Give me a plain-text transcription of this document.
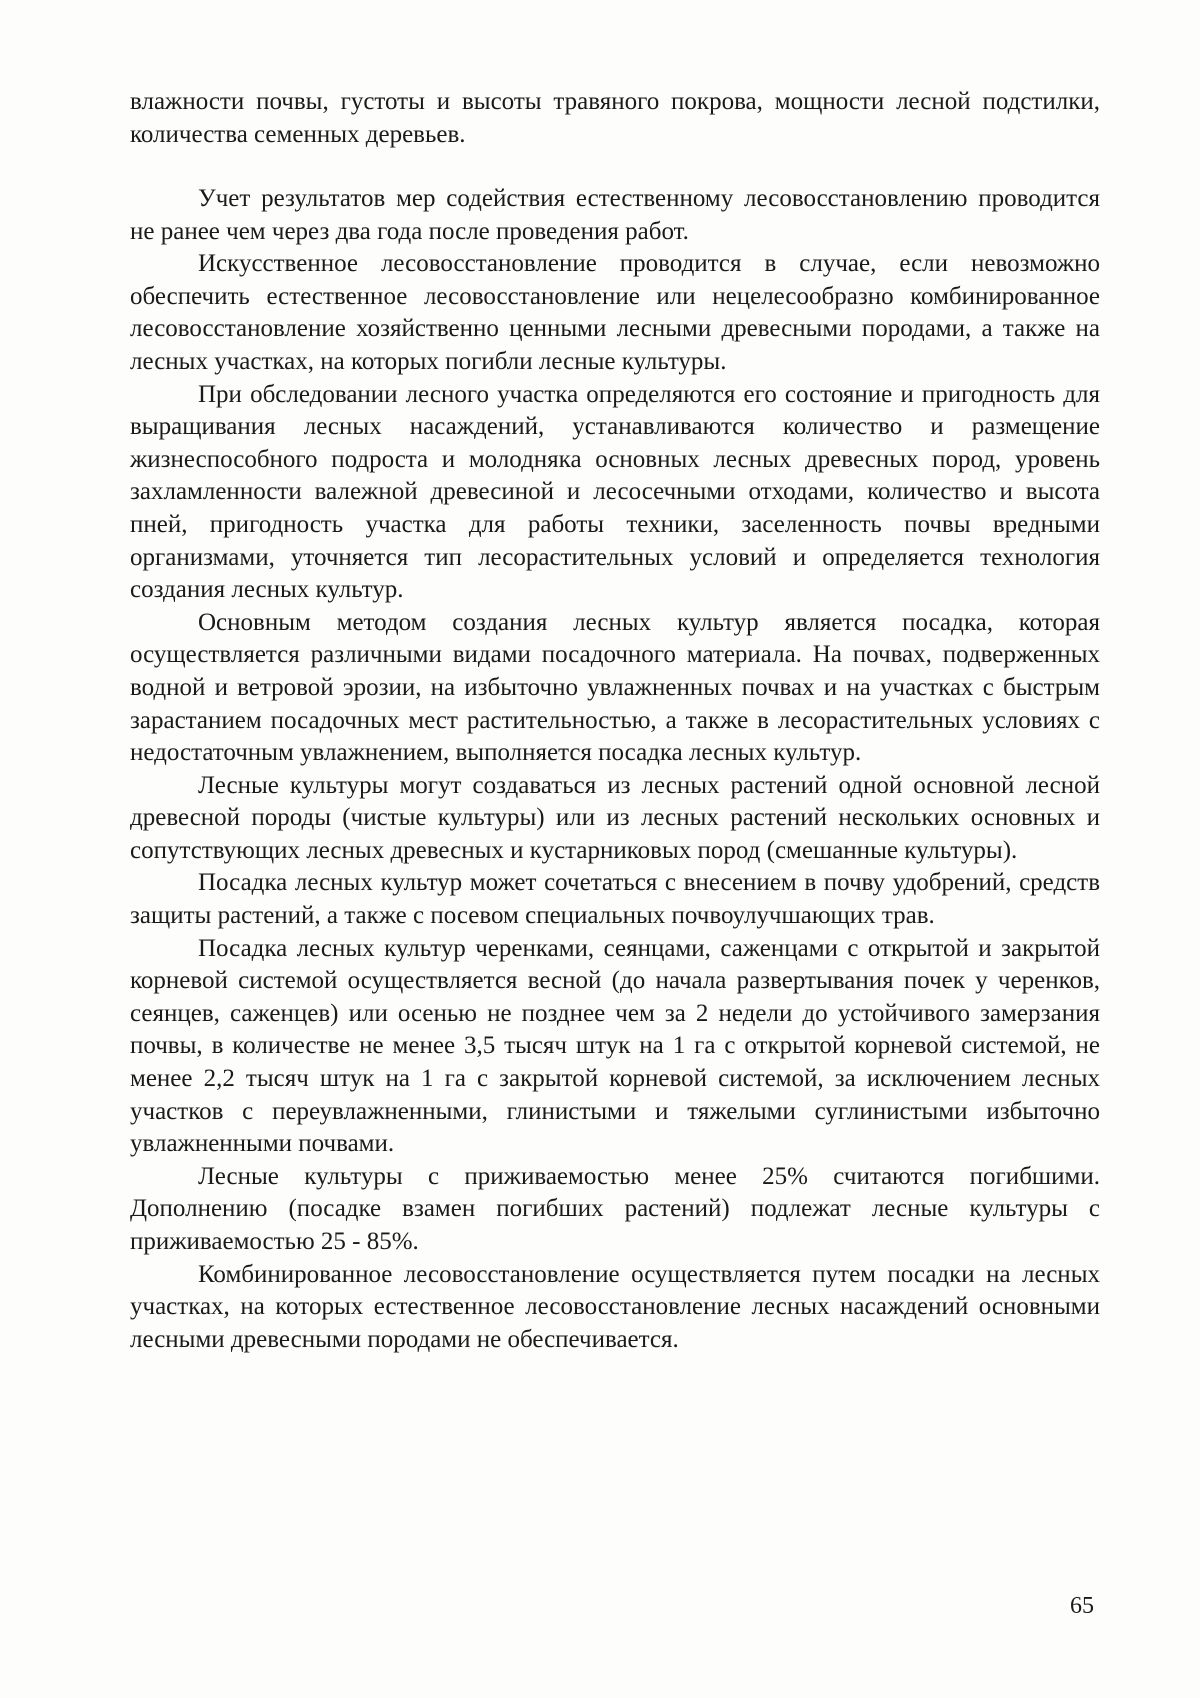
влажности почвы, густоты и высоты травяного покрова, мощности лесной подстилки, количества семенных деревьев.

Учет результатов мер содействия естественному лесовосстановлению проводится не ранее чем через два года после проведения работ.

Искусственное лесовосстановление проводится в случае, если невозможно обеспечить естественное лесовосстановление или нецелесообразно комбинированное лесовосстановление хозяйственно ценными лесными древесными породами, а также на лесных участках, на которых погибли лесные культуры.

При обследовании лесного участка определяются его состояние и пригодность для выращивания лесных насаждений, устанавливаются количество и размещение жизнеспособного подроста и молодняка основных лесных древесных пород, уровень захламленности валежной древесиной и лесосечными отходами, количество и высота пней, пригодность участка для работы техники, заселенность почвы вредными организмами, уточняется тип лесорастительных условий и определяется технология создания лесных культур.

Основным методом создания лесных культур является посадка, которая осуществляется различными видами посадочного материала. На почвах, подверженных водной и ветровой эрозии, на избыточно увлажненных почвах и на участках с быстрым зарастанием посадочных мест растительностью, а также в лесорастительных условиях с недостаточным увлажнением, выполняется посадка лесных культур.

Лесные культуры могут создаваться из лесных растений одной основной лесной древесной породы (чистые культуры) или из лесных растений нескольких основных и сопутствующих лесных древесных и кустарниковых пород (смешанные культуры).

Посадка лесных культур может сочетаться с внесением в почву удобрений, средств защиты растений, а также с посевом специальных почвоулучшающих трав.

Посадка лесных культур черенками, сеянцами, саженцами с открытой и закрытой корневой системой осуществляется весной (до начала развертывания почек у черенков, сеянцев, саженцев) или осенью не позднее чем за 2 недели до устойчивого замерзания почвы, в количестве не менее 3,5 тысяч штук на 1 га с открытой корневой системой, не менее 2,2 тысяч штук на 1 га с закрытой корневой системой, за исключением лесных участков с переувлажненными, глинистыми и тяжелыми суглинистыми избыточно увлажненными почвами.

Лесные культуры с приживаемостью менее 25% считаются погибшими. Дополнению (посадке взамен погибших растений) подлежат лесные культуры с приживаемостью 25 - 85%.

Комбинированное лесовосстановление осуществляется путем посадки на лесных участках, на которых естественное лесовосстановление лесных насаждений основными лесными древесными породами не обеспечивается.

65
